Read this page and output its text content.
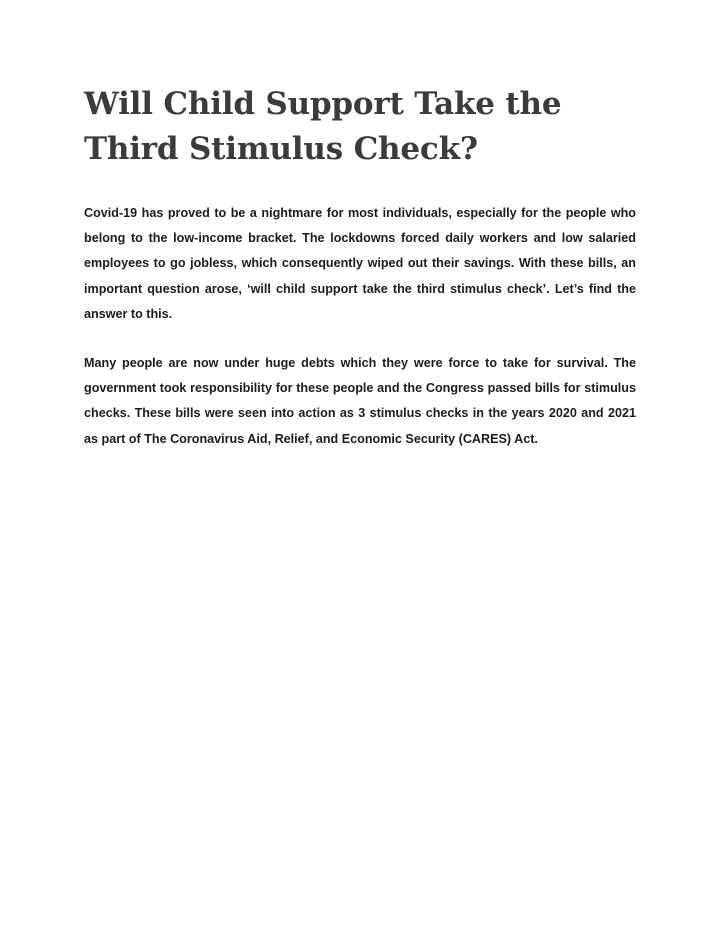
Will Child Support Take the Third Stimulus Check?

Covid-19 has proved to be a nightmare for most individuals, especially for the people who belong to the low-income bracket. The lockdowns forced daily workers and low salaried employees to go jobless, which consequently wiped out their savings. With these bills, an important question arose, ‘will child support take the third stimulus check’. Let’s find the answer to this.

Many people are now under huge debts which they were force to take for survival. The government took responsibility for these people and the Congress passed bills for stimulus checks. These bills were seen into action as 3 stimulus checks in the years 2020 and 2021 as part of The Coronavirus Aid, Relief, and Economic Security (CARES) Act.
